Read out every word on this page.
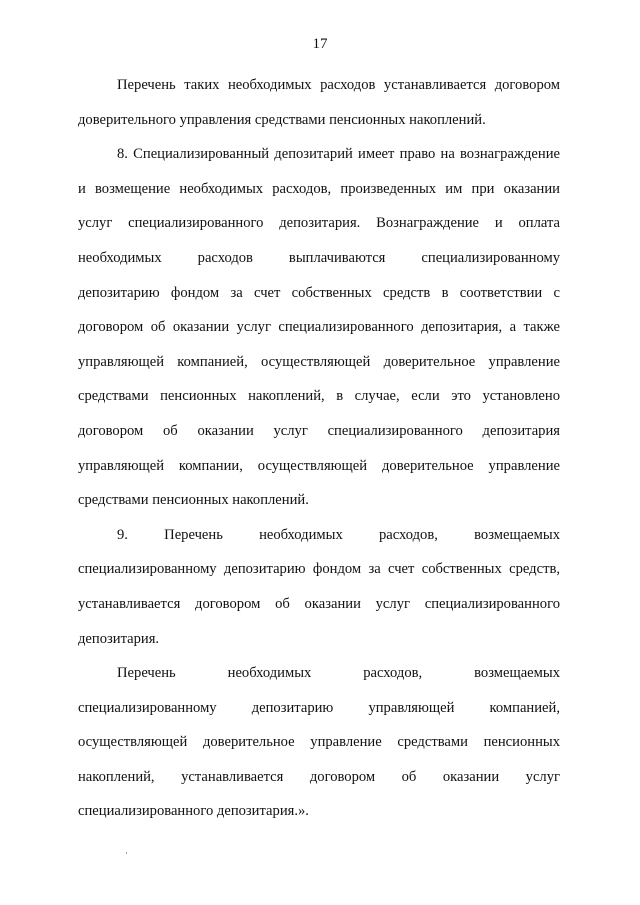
17
Перечень таких необходимых расходов устанавливается договором
доверительного управления средствами пенсионных накоплений.
8. Специализированный депозитарий имеет право на вознаграждение
и возмещение необходимых расходов, произведенных им при оказании
услуг специализированного депозитария. Вознаграждение и оплата
необходимых расходов выплачиваются специализированному
депозитарию фондом за счет собственных средств в соответствии с
договором об оказании услуг специализированного депозитария, а также
управляющей компанией, осуществляющей доверительное управление
средствами пенсионных накоплений, в случае, если это установлено
договором об оказании услуг специализированного депозитария
управляющей компании, осуществляющей доверительное управление
средствами пенсионных накоплений.
9. Перечень необходимых расходов, возмещаемых
специализированному депозитарию фондом за счет собственных средств,
устанавливается договором об оказании услуг специализированного
депозитария.
Перечень необходимых расходов, возмещаемых
специализированному депозитарию управляющей компанией,
осуществляющей доверительное управление средствами пенсионных
накоплений, устанавливается договором об оказании услуг
специализированного депозитария.».
